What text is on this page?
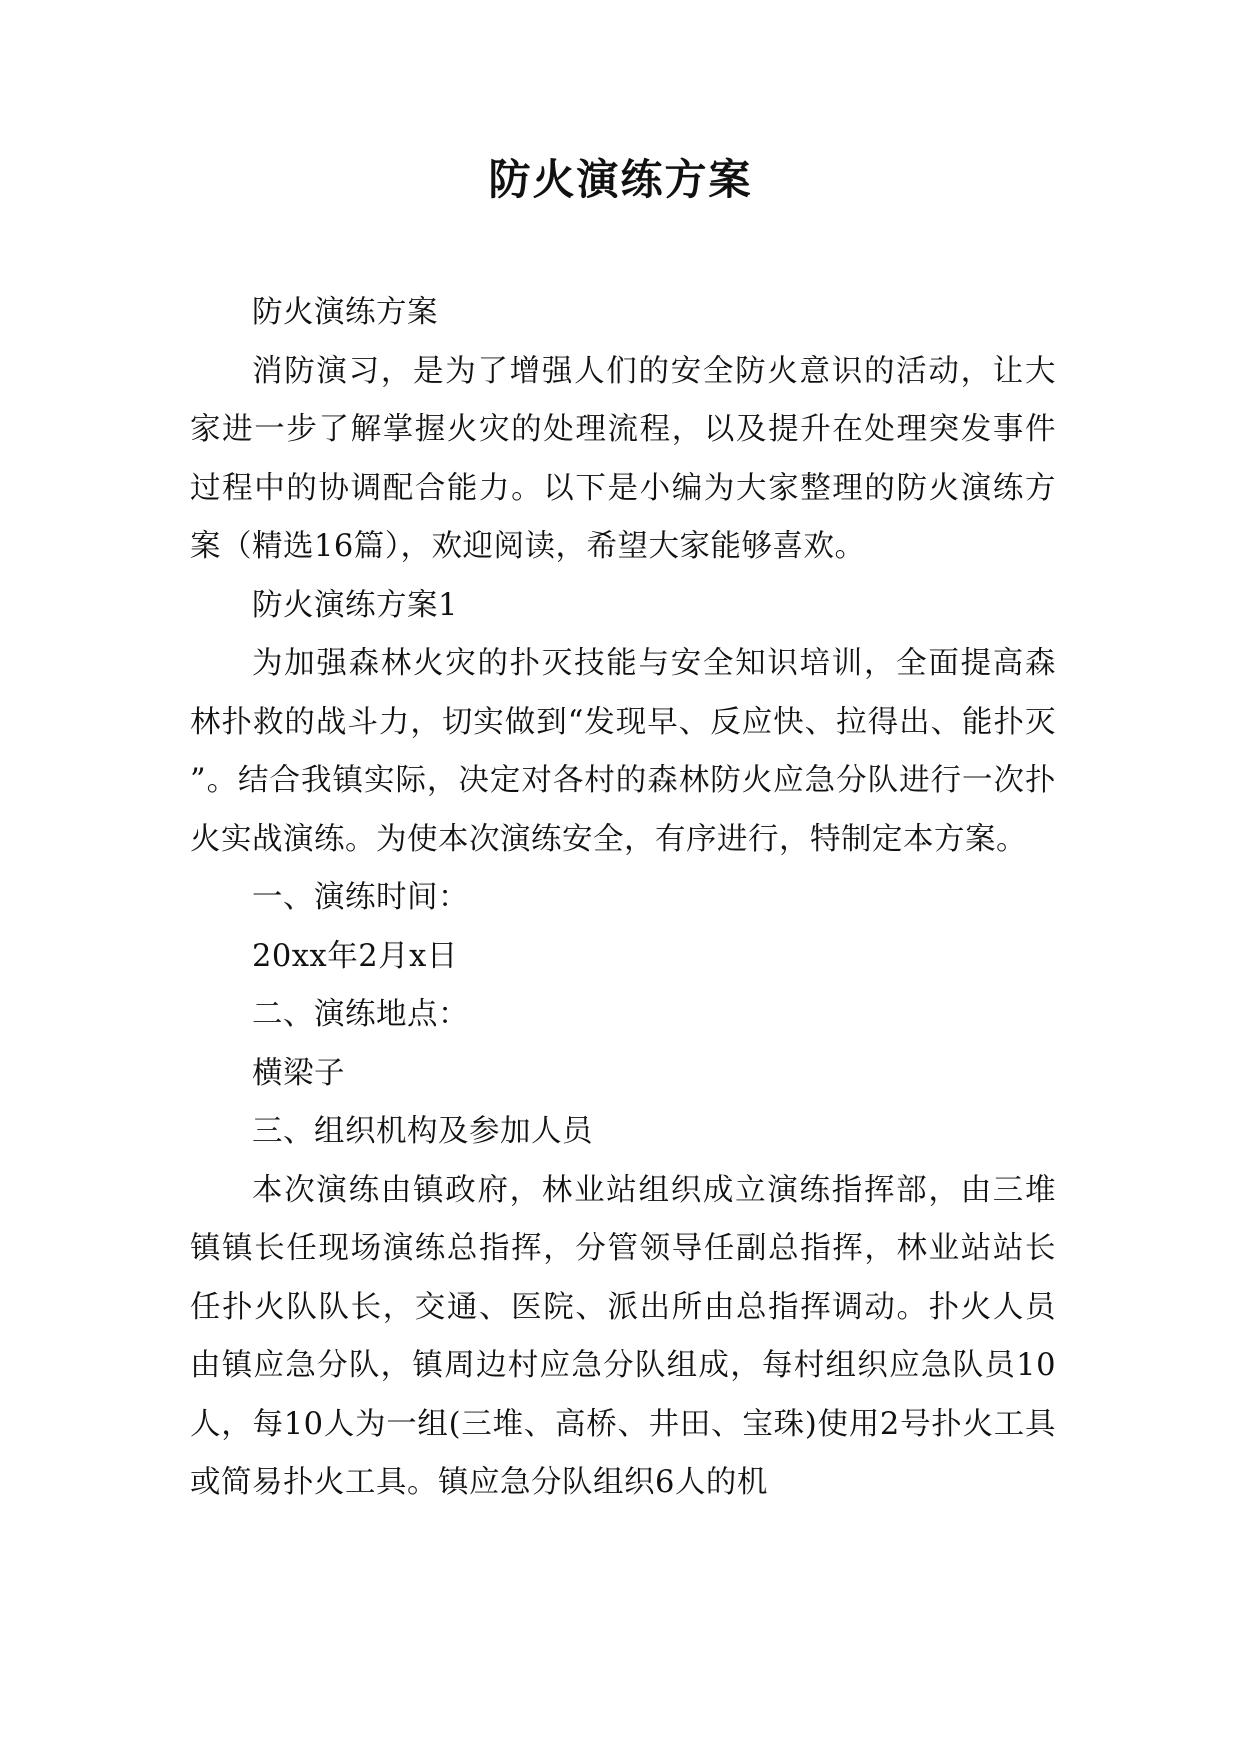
防火演练方案

防火演练方案

消防演习，是为了增强人们的安全防火意识的活动，让大家进一步了解掌握火灾的处理流程，以及提升在处理突发事件过程中的协调配合能力。以下是小编为大家整理的防火演练方案（精选16篇），欢迎阅读，希望大家能够喜欢。

防火演练方案1

为加强森林火灾的扑灭技能与安全知识培训，全面提高森林扑救的战斗力，切实做到“发现早、反应快、拉得出、能扑灭”。结合我镇实际，决定对各村的森林防火应急分队进行一次扑火实战演练。为使本次演练安全，有序进行，特制定本方案。

一、演练时间：

20xx年2月x日

二、演练地点：

横梁子

三、组织机构及参加人员

本次演练由镇政府，林业站组织成立演练指挥部，由三堆镇镇长任现场演练总指挥，分管领导任副总指挥，林业站站长任扑火队队长，交通、医院、派出所由总指挥调动。扑火人员由镇应急分队，镇周边村应急分队组成，每村组织应急队员10人，每10人为一组(三堆、高桥、井田、宝珠)使用2号扑火工具或简易扑火工具。镇应急分队组织6人的机
